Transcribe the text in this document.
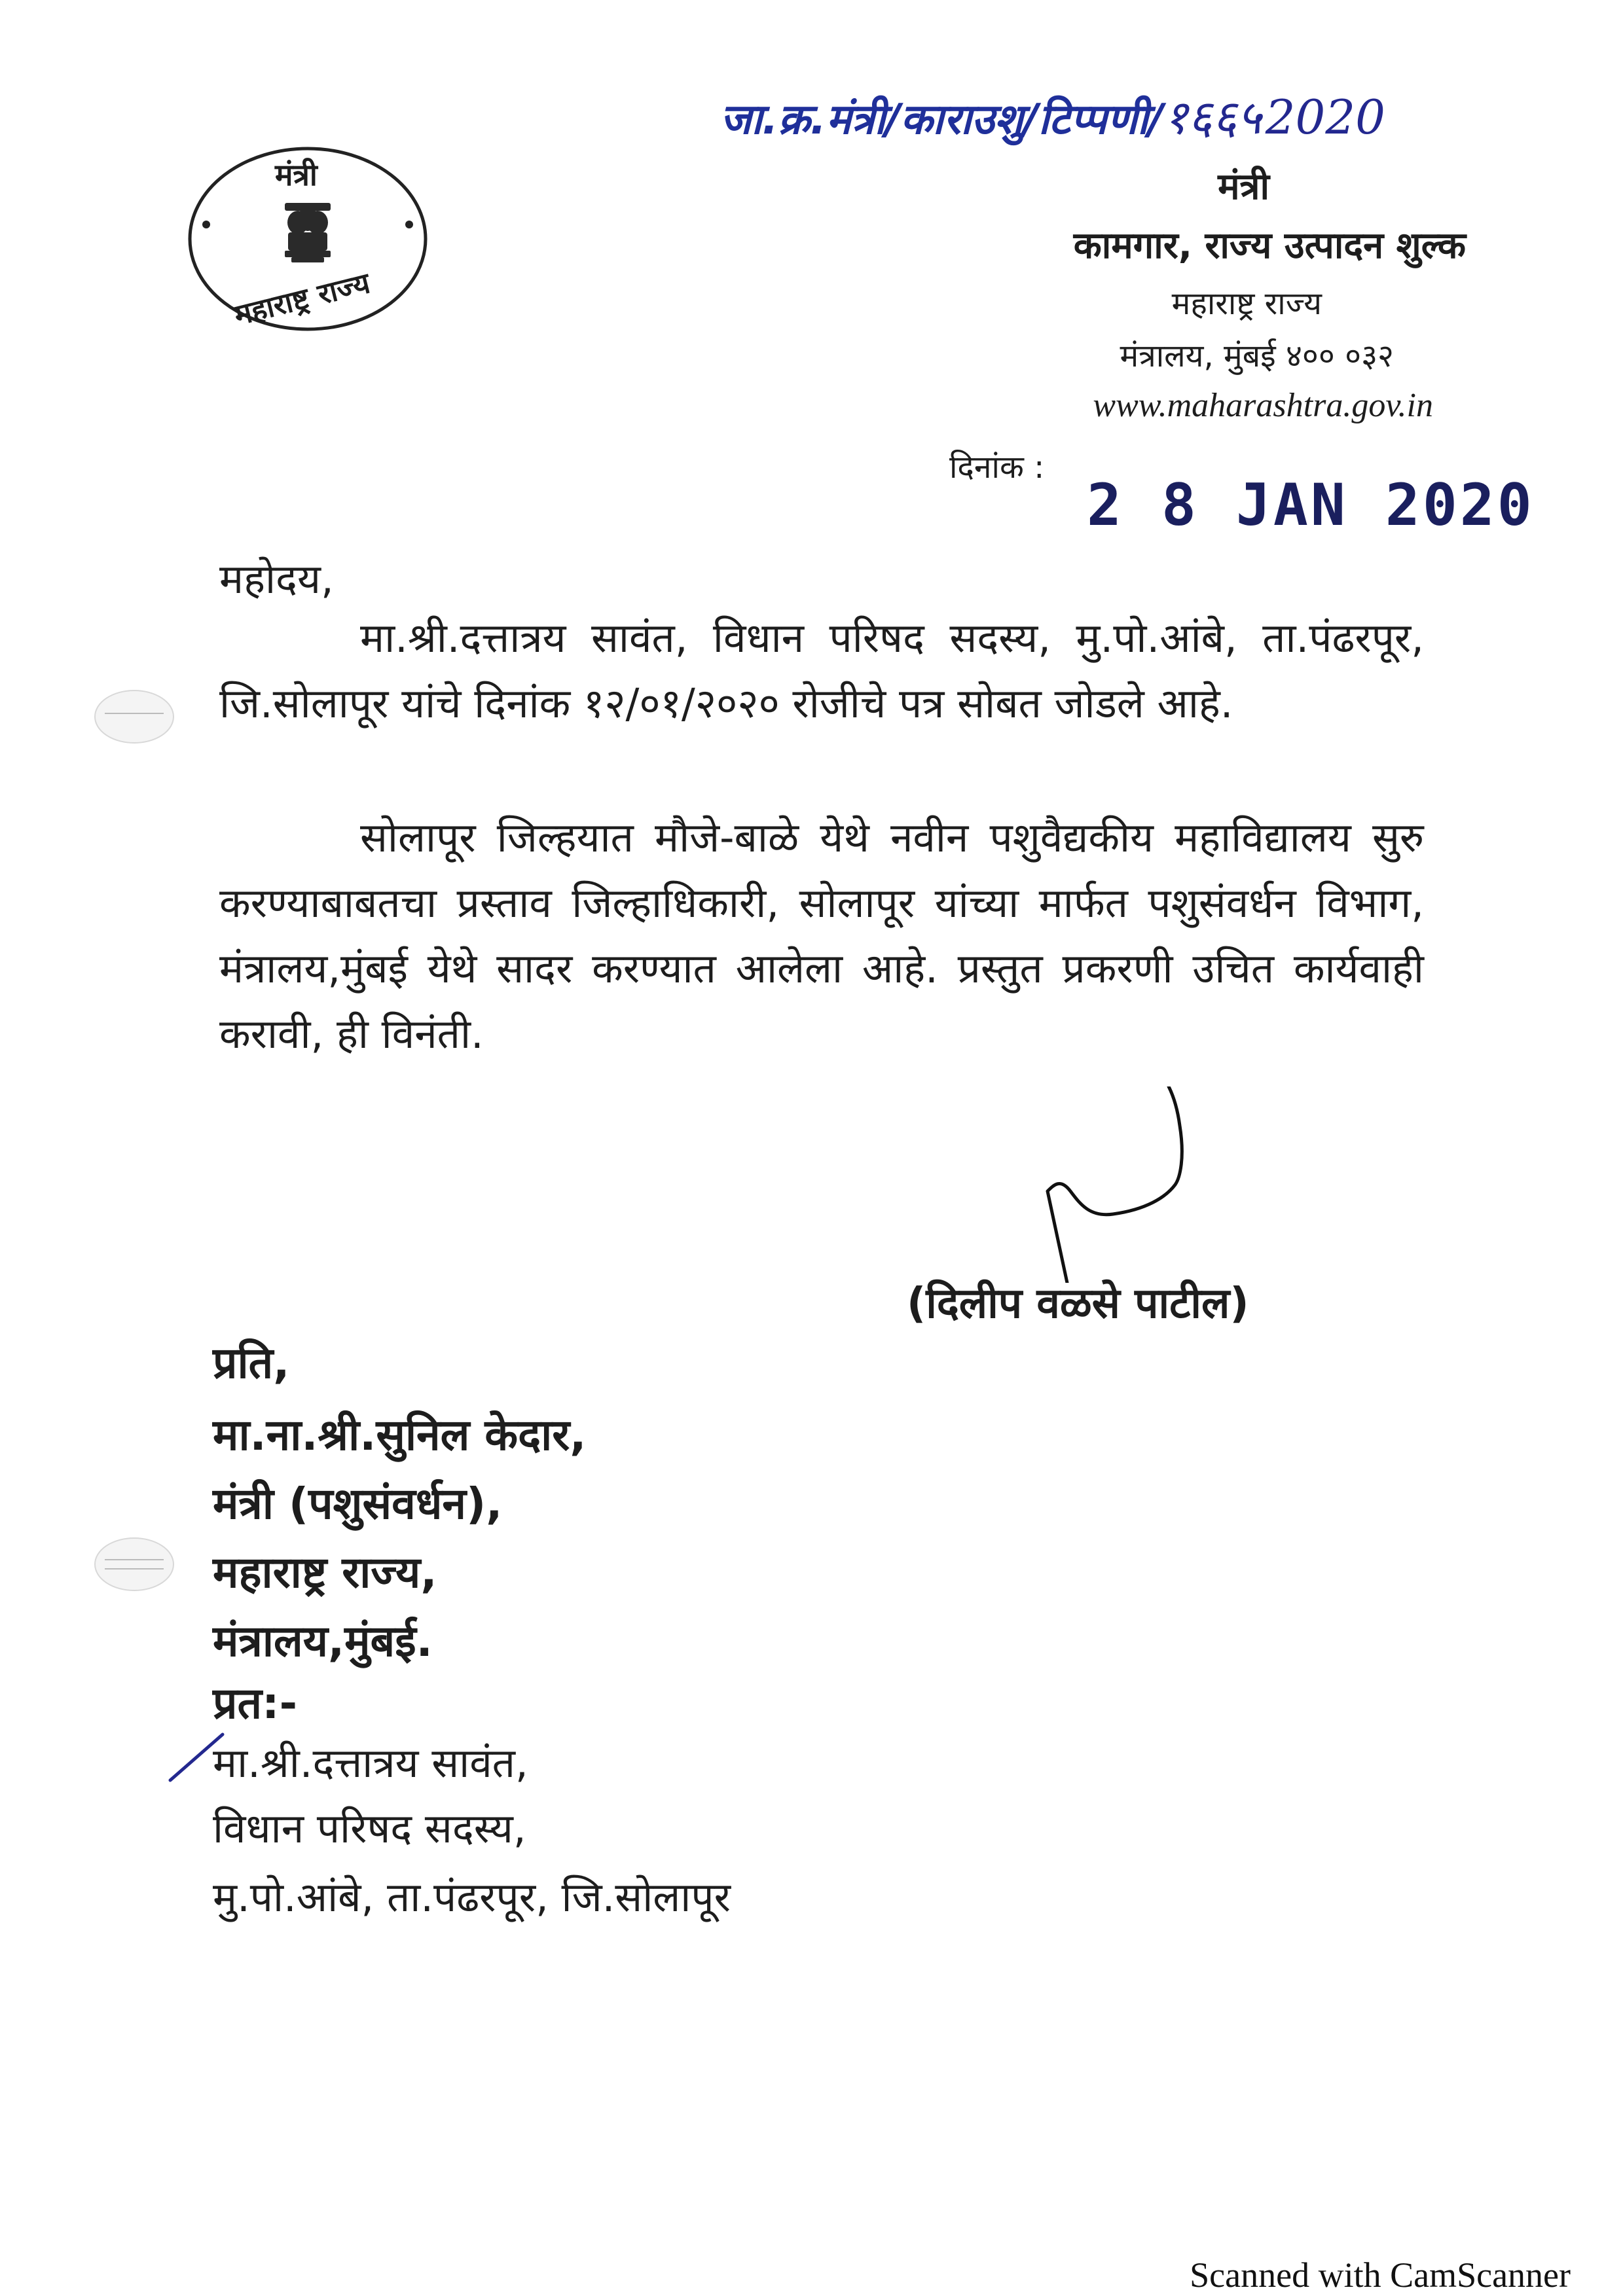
जा.क्र.मंत्री/काराउशु/टिप्पणी/१६६५2020
मंत्री
महाराष्ट्र राज्य
मंत्री
कामगार, राज्य उत्पादन शुल्क
महाराष्ट्र राज्य
मंत्रालय, मुंबई ४०० ०३२
www.maharashtra.gov.in
दिनांक :
2 8 JAN 2020
महोदय,
मा.श्री.दत्तात्रय सावंत, विधान परिषद सदस्य, मु.पो.आंबे, ता.पंढरपूर, जि.सोलापूर यांचे दिनांक १२/०१/२०२० रोजीचे पत्र सोबत जोडले आहे.
सोलापूर जिल्हयात मौजे-बाळे येथे नवीन पशुवैद्यकीय महाविद्यालय सुरु करण्याबाबतचा प्रस्ताव जिल्हाधिकारी, सोलापूर यांच्या मार्फत पशुसंवर्धन विभाग, मंत्रालय,मुंबई येथे सादर करण्यात आलेला आहे. प्रस्तुत प्रकरणी उचित कार्यवाही करावी, ही विनंती.
(दिलीप वळसे पाटील)
प्रति,
मा.ना.श्री.सुनिल केदार,
मंत्री (पशुसंवर्धन),
महाराष्ट्र राज्य,
मंत्रालय,मुंबई.
प्रत:-
मा.श्री.दत्तात्रय सावंत,
विधान परिषद सदस्य,
मु.पो.आंबे, ता.पंढरपूर, जि.सोलापूर
Scanned with CamScanner
